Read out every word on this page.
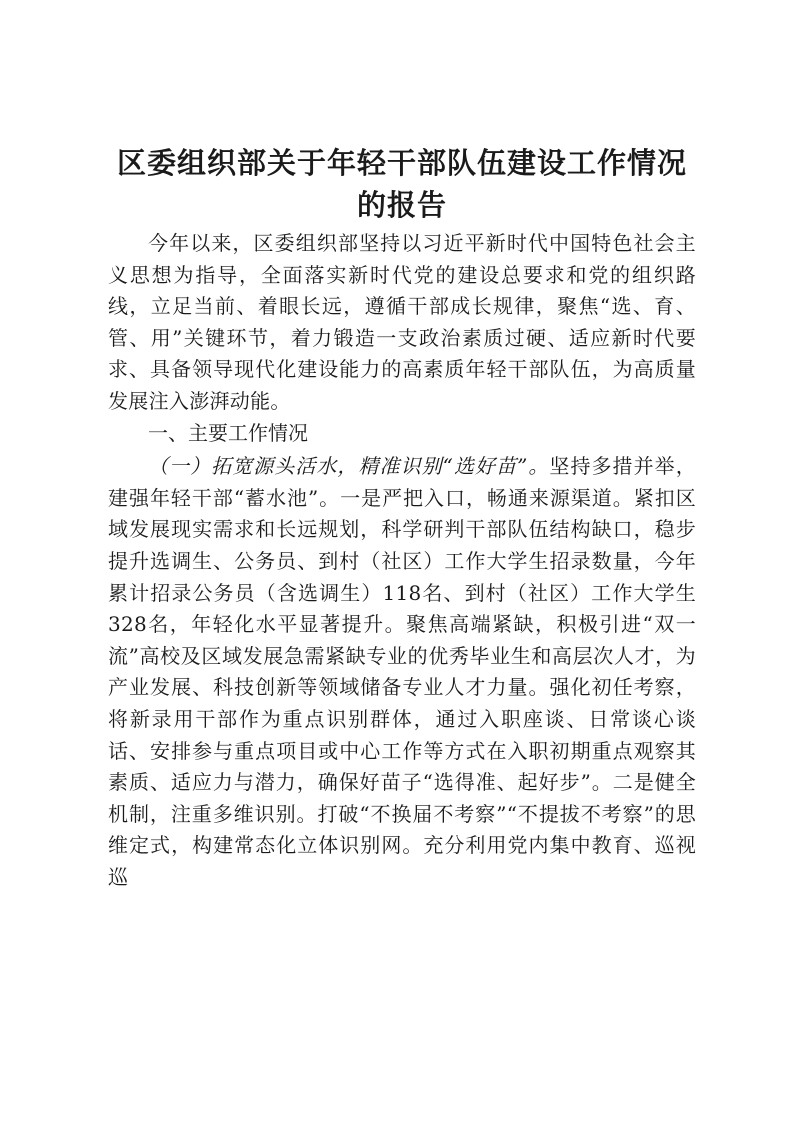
区委组织部关于年轻干部队伍建设工作情况的报告

今年以来，区委组织部坚持以习近平新时代中国特色社会主义思想为指导，全面落实新时代党的建设总要求和党的组织路线，立足当前、着眼长远，遵循干部成长规律，聚焦“选、育、管、用”关键环节，着力锻造一支政治素质过硬、适应新时代要求、具备领导现代化建设能力的高素质年轻干部队伍，为高质量发展注入澎湃动能。

一、主要工作情况

（一）拓宽源头活水，精准识别“选好苗”。坚持多措并举，建强年轻干部“蓄水池”。一是严把入口，畅通来源渠道。紧扣区域发展现实需求和长远规划，科学研判干部队伍结构缺口，稳步提升选调生、公务员、到村（社区）工作大学生招录数量，今年累计招录公务员（含选调生）118名、到村（社区）工作大学生328名，年轻化水平显著提升。聚焦高端紧缺，积极引进“双一流”高校及区域发展急需紧缺专业的优秀毕业生和高层次人才，为产业发展、科技创新等领域储备专业人才力量。强化初任考察，将新录用干部作为重点识别群体，通过入职座谈、日常谈心谈话、安排参与重点项目或中心工作等方式在入职初期重点观察其素质、适应力与潜力，确保好苗子“选得准、起好步”。二是健全机制，注重多维识别。打破“不换届不考察”“不提拔不考察”的思维定式，构建常态化立体识别网。充分利用党内集中教育、巡视巡
